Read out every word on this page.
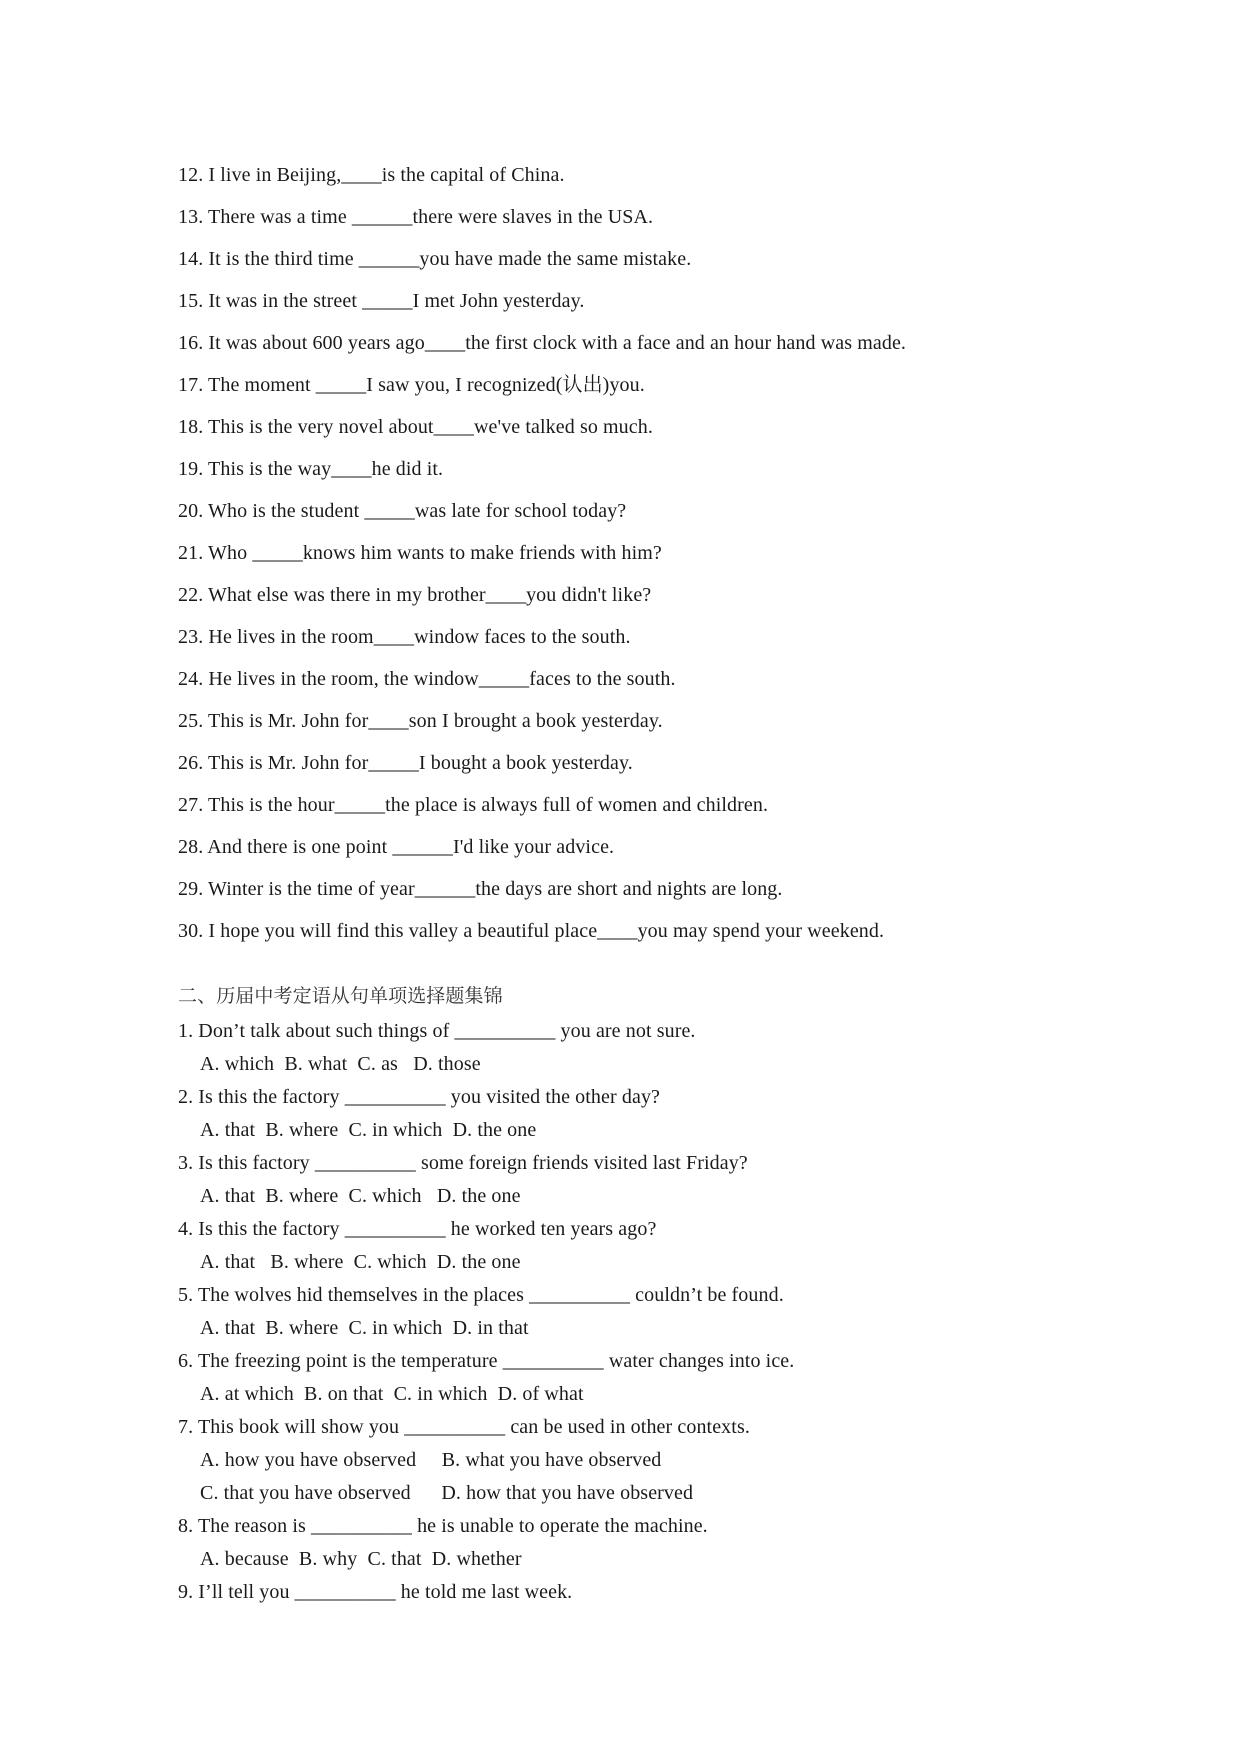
12. I live in Beijing,____is the capital of China.
13. There was a time ______there were slaves in the USA.
14. It is the third time ______you have made the same mistake.
15. It was in the street _____I met John yesterday.
16. It was about 600 years ago____the first clock with a face and an hour hand was made.
17. The moment _____I saw you, I recognized(认出)you.
18. This is the very novel about____we've talked so much.
19. This is the way____he did it.
20. Who is the student _____was late for school today?
21. Who _____knows him wants to make friends with him?
22. What else was there in my brother____you didn't like?
23. He lives in the room____window faces to the south.
24. He lives in the room, the window_____faces to the south.
25. This is Mr. John for____son I brought a book yesterday.
26. This is Mr. John for_____I bought a book yesterday.
27. This is the hour_____the place is always full of women and children.
28. And there is one point ______I'd like your advice.
29. Winter is the time of year______the days are short and nights are long.
30. I hope you will find this valley a beautiful place____you may spend your weekend.
二、历届中考定语从句单项选择题集锦
1. Don’t talk about such things of __________ you are not sure.
A. which  B. what  C. as   D. those
2. Is this the factory __________ you visited the other day?
A. that  B. where  C. in which  D. the one
3. Is this factory __________ some foreign friends visited last Friday?
A. that  B. where  C. which   D. the one
4. Is this the factory __________ he worked ten years ago?
A. that   B. where  C. which  D. the one
5. The wolves hid themselves in the places __________ couldn’t be found.
A. that  B. where  C. in which  D. in that
6. The freezing point is the temperature __________ water changes into ice.
A. at which  B. on that  C. in which  D. of what
7. This book will show you __________ can be used in other contexts.
A. how you have observed     B. what you have observed
C. that you have observed      D. how that you have observed
8. The reason is __________ he is unable to operate the machine.
A. because  B. why  C. that  D. whether
9. I’ll tell you __________ he told me last week.
